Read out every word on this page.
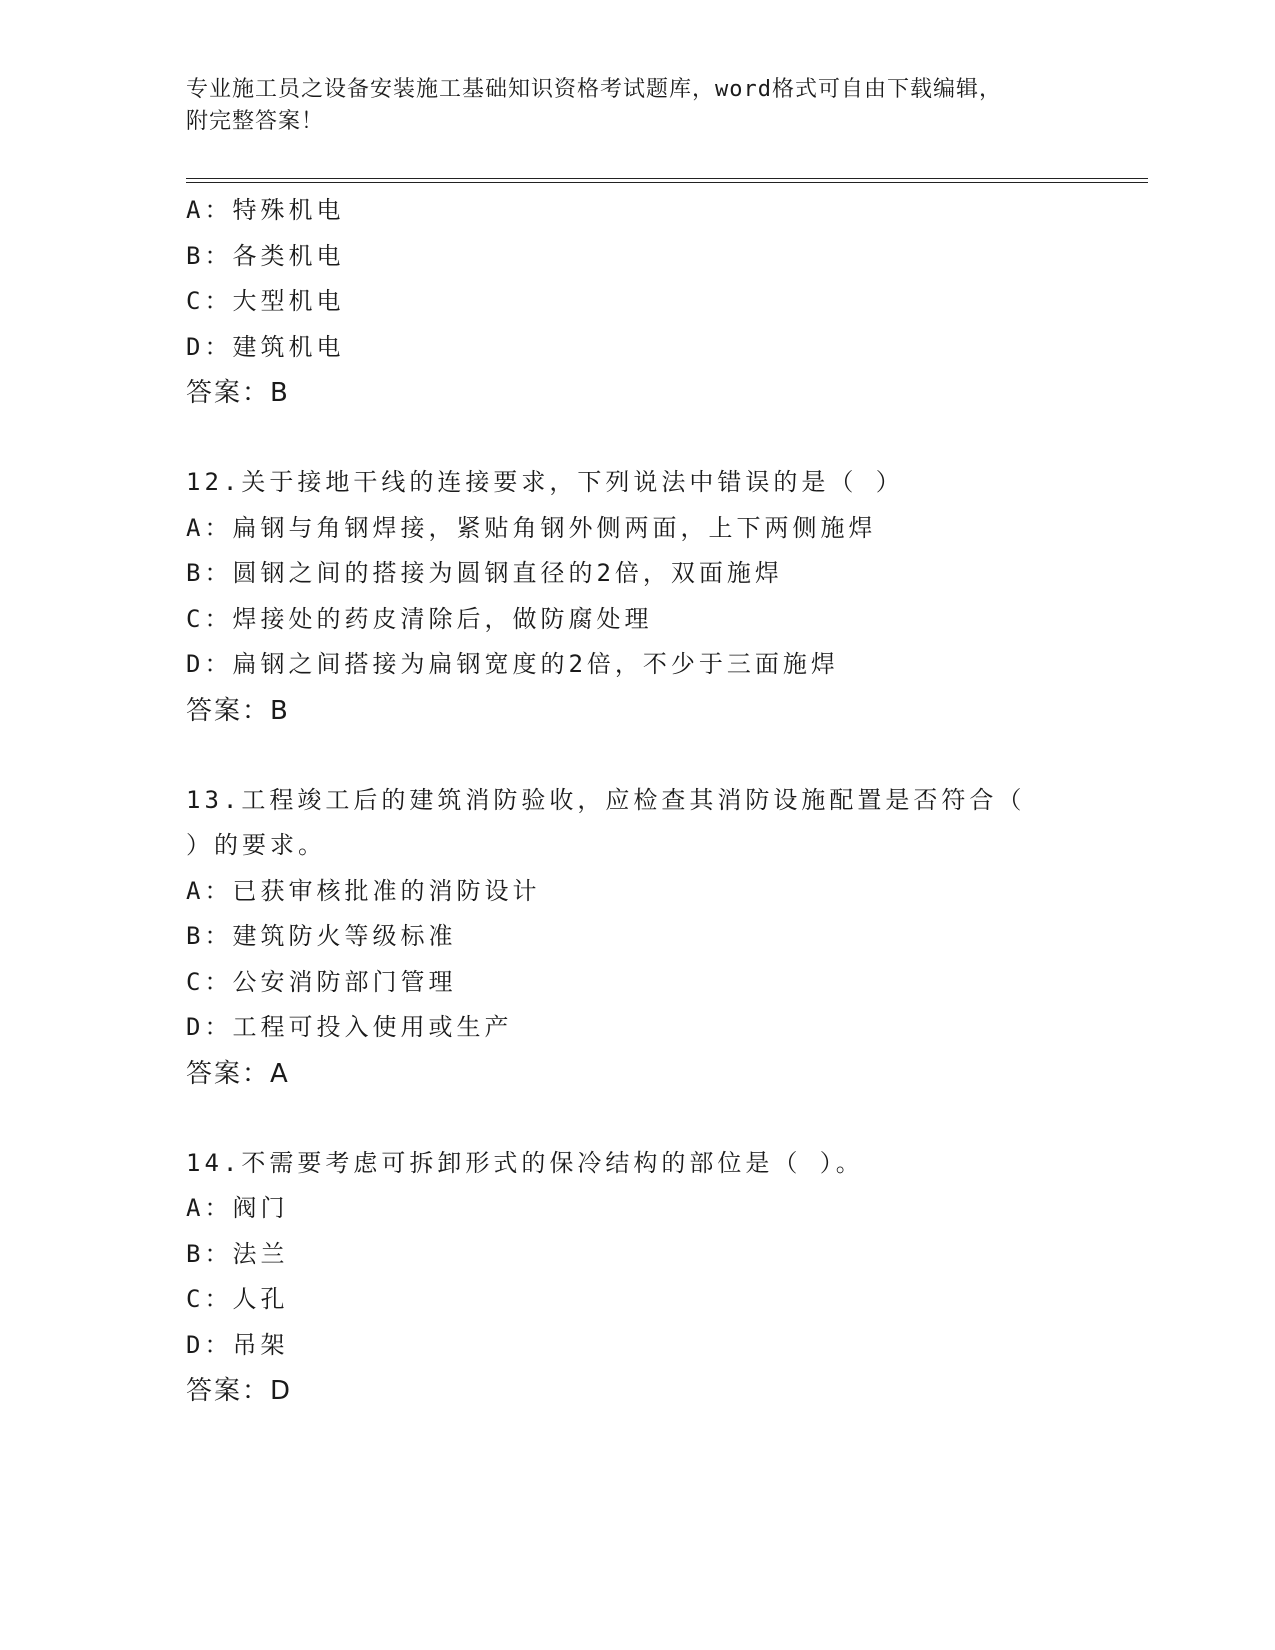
专业施工员之设备安装施工基础知识资格考试题库，word格式可自由下载编辑，
附完整答案！
A：特殊机电
B：各类机电
C：大型机电
D：建筑机电
答案：B
12.关于接地干线的连接要求，下列说法中错误的是（ ）
A：扁钢与角钢焊接，紧贴角钢外侧两面，上下两侧施焊
B：圆钢之间的搭接为圆钢直径的2倍，双面施焊
C：焊接处的药皮清除后，做防腐处理
D：扁钢之间搭接为扁钢宽度的2倍，不少于三面施焊
答案：B
13.工程竣工后的建筑消防验收，应检查其消防设施配置是否符合（
）的要求。
A：已获审核批准的消防设计
B：建筑防火等级标准
C：公安消防部门管理
D：工程可投入使用或生产
答案：A
14.不需要考虑可拆卸形式的保冷结构的部位是（ ）。
A：阀门
B：法兰
C：人孔
D：吊架
答案：D
